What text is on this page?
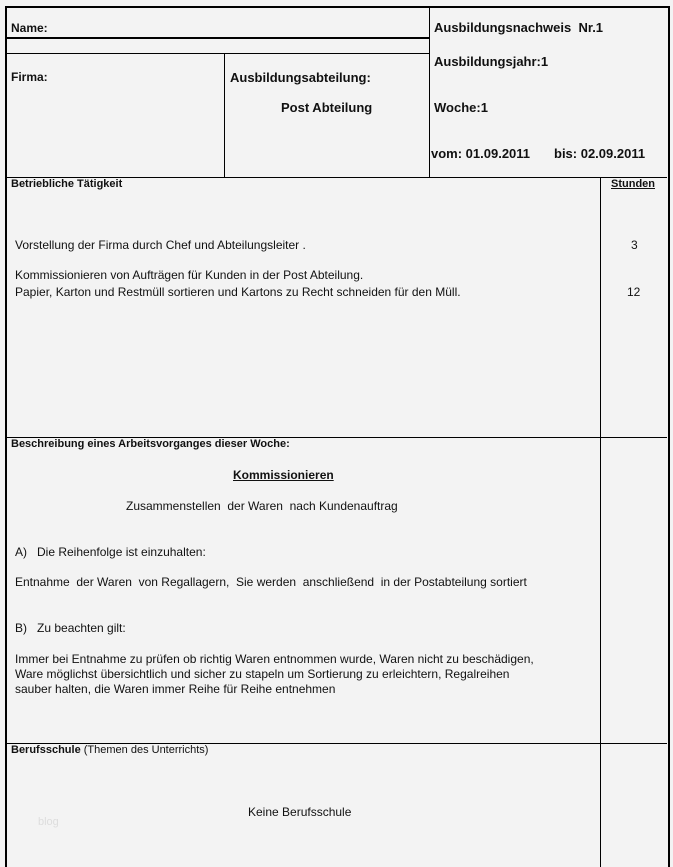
Name:
Firma:	Ausbildungsabteilung:
Post Abteilung
Ausbildungsnachweis  Nr.1
Ausbildungsjahr:1
Woche:1
vom: 01.09.2011 bis: 02.09.2011
Betriebliche Tätigkeit	Stunden
Vorstellung der Firma durch Chef und Abteilungsleiter .	3
Kommissionieren von Aufträgen für Kunden in der Post Abteilung.
Papier, Karton und Restmüll sortieren und Kartons zu Recht schneiden für den Müll.	12
Beschreibung eines Arbeitsvorganges dieser Woche:
Kommissionieren
Zusammenstellen  der Waren  nach Kundenauftrag
A)   Die Reihenfolge ist einzuhalten:
Entnahme  der Waren  von Regallagern,  Sie werden  anschließend  in der Postabteilung sortiert
B)   Zu beachten gilt:
Immer bei Entnahme zu prüfen ob richtig Waren entnommen wurde, Waren nicht zu beschädigen,
Ware möglichst übersichtlich und sicher zu stapeln um Sortierung zu erleichtern, Regalreihen
sauber halten, die Waren immer Reihe für Reihe entnehmen
Berufsschule (Themen des Unterrichts)
Keine Berufsschule
blog
